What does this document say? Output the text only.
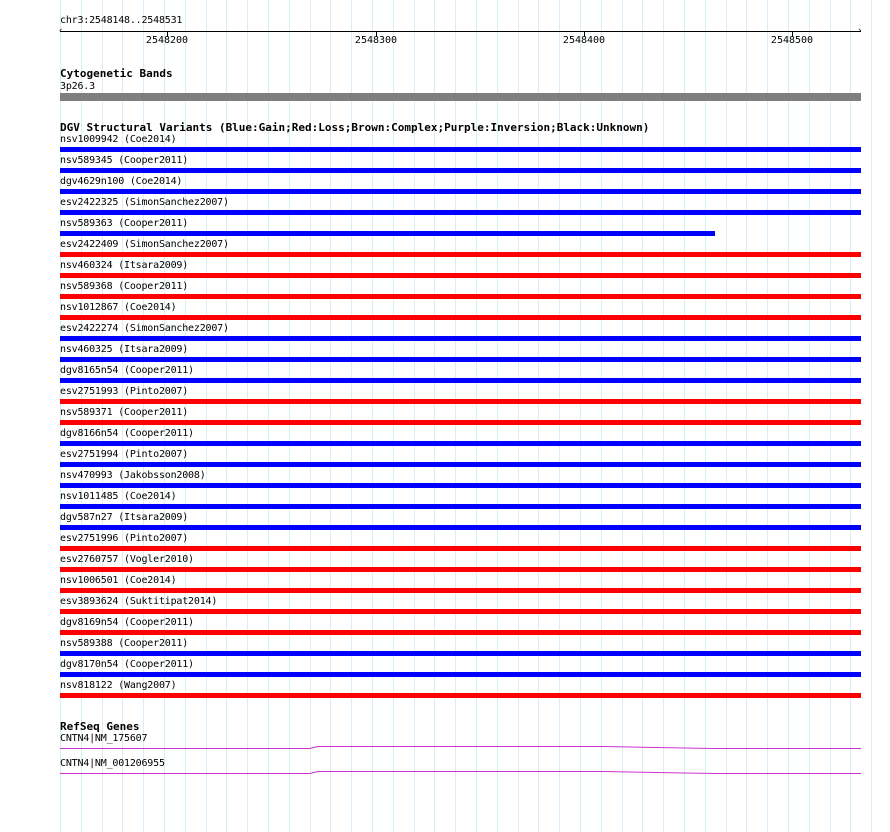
chr3:2548148..2548531
‹	›
2548200	2548300	2548400	2548500
Cytogenetic Bands
3p26.3
DGV Structural Variants (Blue:Gain;Red:Loss;Brown:Complex;Purple:Inversion;Black:Unknown)
nsv1009942 (Coe2014)
nsv589345 (Cooper2011)
dgv4629n100 (Coe2014)
esv2422325 (SimonSanchez2007)
nsv589363 (Cooper2011)
esv2422409 (SimonSanchez2007)
nsv460324 (Itsara2009)
nsv589368 (Cooper2011)
nsv1012867 (Coe2014)
esv2422274 (SimonSanchez2007)
nsv460325 (Itsara2009)
dgv8165n54 (Cooper2011)
esv2751993 (Pinto2007)
nsv589371 (Cooper2011)
dgv8166n54 (Cooper2011)
esv2751994 (Pinto2007)
nsv470993 (Jakobsson2008)
nsv1011485 (Coe2014)
dgv587n27 (Itsara2009)
esv2751996 (Pinto2007)
esv2760757 (Vogler2010)
nsv1006501 (Coe2014)
esv3893624 (Suktitipat2014)
dgv8169n54 (Cooper2011)
nsv589388 (Cooper2011)
dgv8170n54 (Cooper2011)
nsv818122 (Wang2007)
RefSeq Genes
CNTN4|NM_175607
CNTN4|NM_001206955
